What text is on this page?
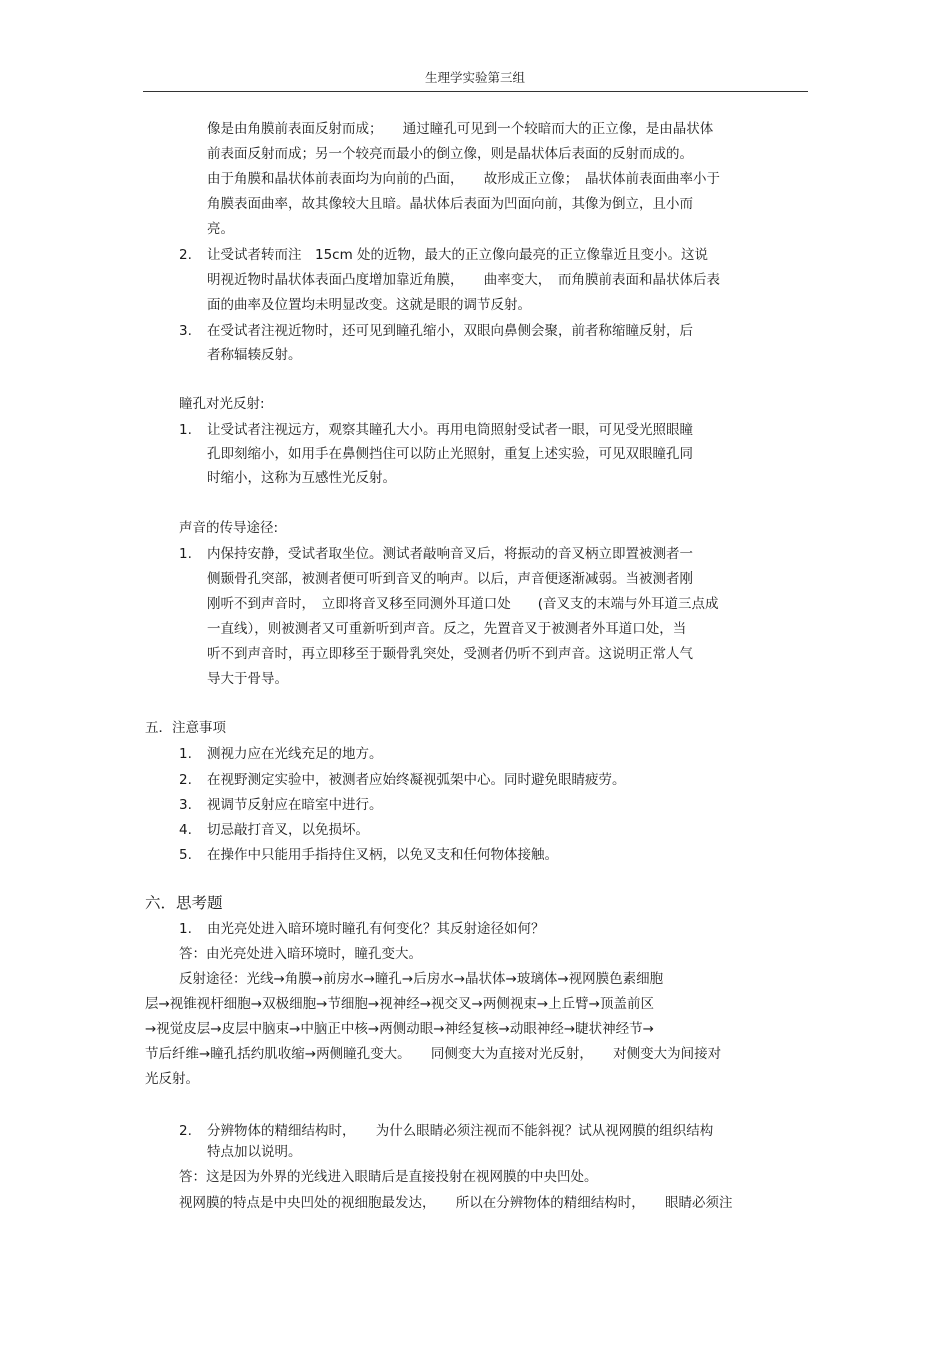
生理学实验第三组
像是由角膜前表面反射而成；　　通过瞳孔可见到一个较暗而大的正立像，是由晶状体
前表面反射而成；另一个较亮而最小的倒立像，则是晶状体后表面的反射而成的。
由于角膜和晶状体前表面均为向前的凸面，　　故形成正立像；　晶状体前表面曲率小于
角膜表面曲率，故其像较大且暗。晶状体后表面为凹面向前，其像为倒立，且小而
亮。
2. 让受试者转而注　15cm 处的近物，最大的正立像向最亮的正立像靠近且变小。这说
明视近物时晶状体表面凸度增加靠近角膜，　　曲率变大，　而角膜前表面和晶状体后表
面的曲率及位置均未明显改变。这就是眼的调节反射。
3. 在受试者注视近物时，还可见到瞳孔缩小，双眼向鼻侧会聚，前者称缩瞳反射，后
者称辐辏反射。
瞳孔对光反射:
1. 让受试者注视远方，观察其瞳孔大小。再用电筒照射受试者一眼，可见受光照眼瞳
孔即刻缩小，如用手在鼻侧挡住可以防止光照射，重复上述实验，可见双眼瞳孔同
时缩小，这称为互感性光反射。
声音的传导途径:
1. 内保持安静，受试者取坐位。测试者敲响音叉后，将振动的音叉柄立即置被测者一
侧颞骨孔突部，被测者便可听到音叉的响声。以后，声音便逐渐减弱。当被测者刚
刚听不到声音时，　立即将音叉移至同测外耳道口处　　(音叉支的末端与外耳道三点成
一直线），则被测者又可重新听到声音。反之，先置音叉于被测者外耳道口处，当
听不到声音时，再立即移至于颞骨乳突处，受测者仍听不到声音。这说明正常人气
导大于骨导。
五．注意事项
1. 测视力应在光线充足的地方。
2. 在视野测定实验中，被测者应始终凝视弧架中心。同时避免眼睛疲劳。
3. 视调节反射应在暗室中进行。
4. 切忌敲打音叉，以免损坏。
5. 在操作中只能用手指持住叉柄，以免叉支和任何物体接触。
六．思考题
1. 由光亮处进入暗环境时瞳孔有何变化？其反射途径如何？
答：由光亮处进入暗环境时，瞳孔变大。
反射途径：光线→角膜→前房水→瞳孔→后房水→晶状体→玻璃体→视网膜色素细胞
层→视锥视杆细胞→双极细胞→节细胞→视神经→视交叉→两侧视束→上丘臂→顶盖前区
→视觉皮层→皮层中脑束→中脑正中核→两侧动眼→神经复核→动眼神经→睫状神经节→
节后纤维→瞳孔括约肌收缩→两侧瞳孔变大。　　同侧变大为直接对光反射，　　对侧变大为间接对
光反射。
2. 分辨物体的精细结构时，　　为什么眼睛必须注视而不能斜视？试从视网膜的组织结构
特点加以说明。
答：这是因为外界的光线进入眼睛后是直接投射在视网膜的中央凹处。
视网膜的特点是中央凹处的视细胞最发达，　　所以在分辨物体的精细结构时，　　眼睛必须注
